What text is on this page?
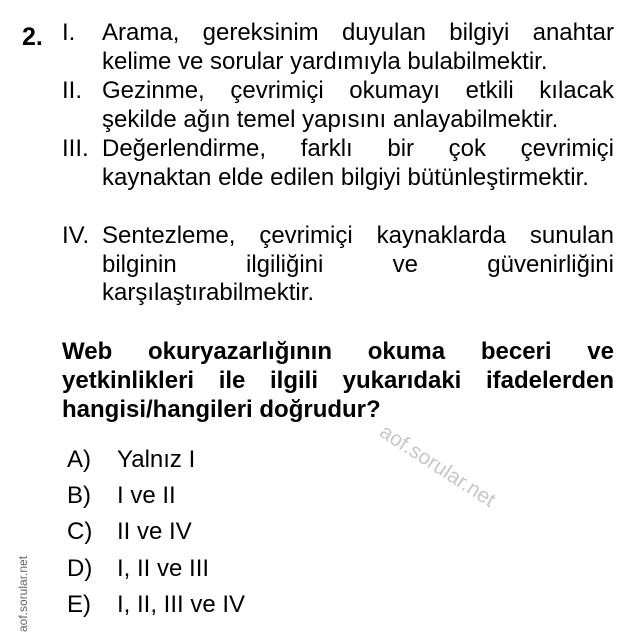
aof.sorular.net
aof.sorular.net
2. I. Arama, gereksinim duyulan bilgiyi anahtar kelime ve sorular yardımıyla bulabilmektir.
II. Gezinme, çevrimiçi okumayı etkili kılacak şekilde ağın temel yapısını anlayabilmektir.
III. Değerlendirme, farklı bir çok çevrimiçi kaynaktan elde edilen bilgiyi bütünleştirmektir.
IV. Sentezleme, çevrimiçi kaynaklarda sunulan bilginin ilgiliğini ve güvenirliğini karşılaştırabilmektir.
Web okuryazarlığının okuma beceri ve yetkinlikleri ile ilgili yukarıdaki ifadelerden hangisi/hangileri doğrudur?
A) Yalnız I
B) I ve II
C) II ve IV
D) I, II ve III
E) I, II, III ve IV
